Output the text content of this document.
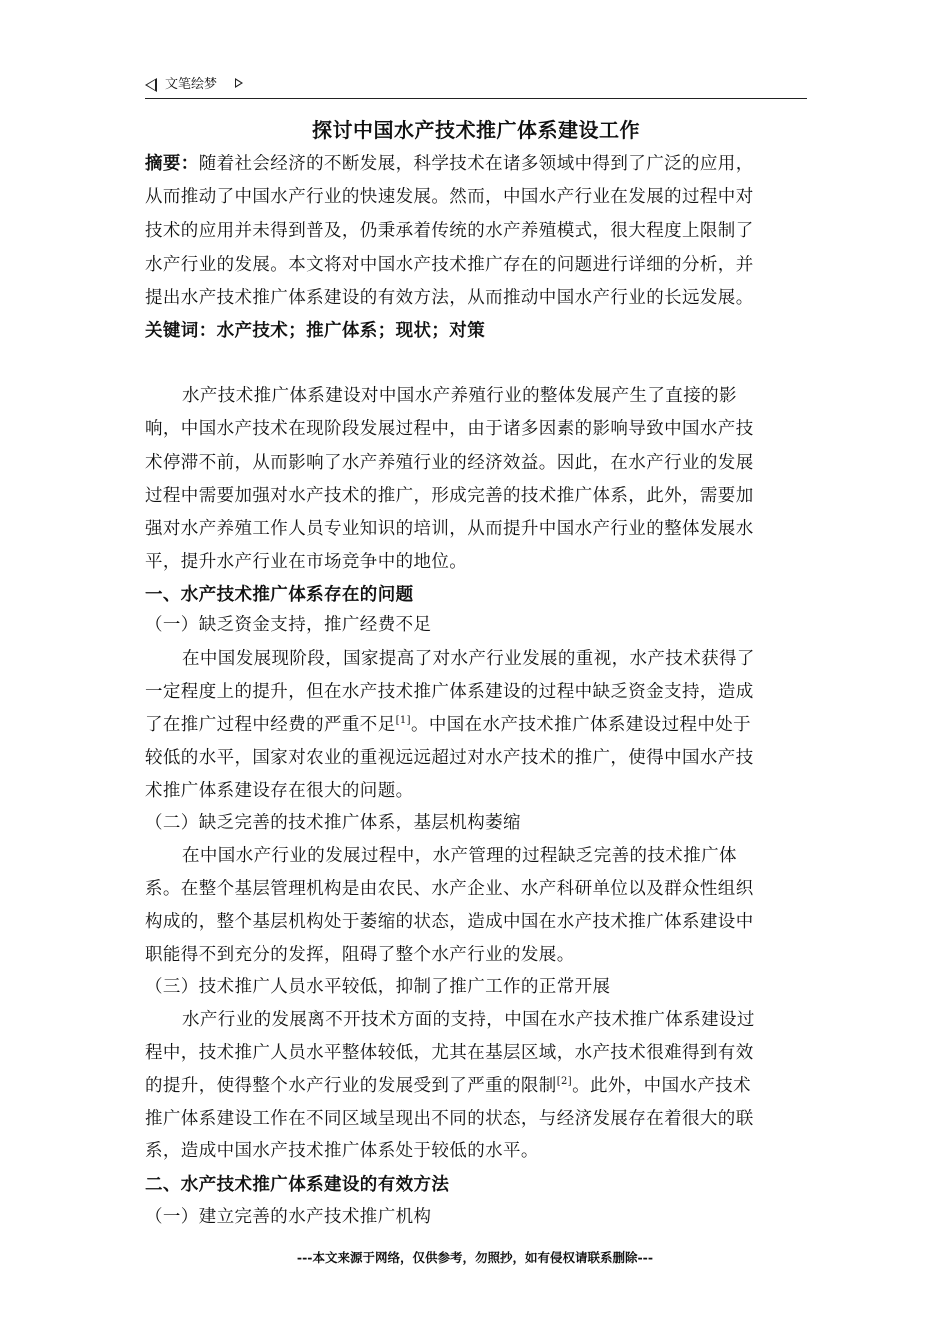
文笔绘梦
探讨中国水产技术推广体系建设工作
摘要：随着社会经济的不断发展，科学技术在诸多领域中得到了广泛的应用，
从而推动了中国水产行业的快速发展。然而，中国水产行业在发展的过程中对
技术的应用并未得到普及，仍秉承着传统的水产养殖模式，很大程度上限制了
水产行业的发展。本文将对中国水产技术推广存在的问题进行详细的分析，并
提出水产技术推广体系建设的有效方法，从而推动中国水产行业的长远发展。
关键词：水产技术；推广体系；现状；对策
水产技术推广体系建设对中国水产养殖行业的整体发展产生了直接的影
响，中国水产技术在现阶段发展过程中，由于诸多因素的影响导致中国水产技
术停滞不前，从而影响了水产养殖行业的经济效益。因此，在水产行业的发展
过程中需要加强对水产技术的推广，形成完善的技术推广体系，此外，需要加
强对水产养殖工作人员专业知识的培训，从而提升中国水产行业的整体发展水
平，提升水产行业在市场竞争中的地位。
一、水产技术推广体系存在的问题
（一）缺乏资金支持，推广经费不足
在中国发展现阶段，国家提高了对水产行业发展的重视，水产技术获得了
一定程度上的提升，但在水产技术推广体系建设的过程中缺乏资金支持，造成
了在推广过程中经费的严重不足[1]。中国在水产技术推广体系建设过程中处于
较低的水平，国家对农业的重视远远超过对水产技术的推广，使得中国水产技
术推广体系建设存在很大的问题。
（二）缺乏完善的技术推广体系，基层机构萎缩
在中国水产行业的发展过程中，水产管理的过程缺乏完善的技术推广体
系。在整个基层管理机构是由农民、水产企业、水产科研单位以及群众性组织
构成的，整个基层机构处于萎缩的状态，造成中国在水产技术推广体系建设中
职能得不到充分的发挥，阻碍了整个水产行业的发展。
（三）技术推广人员水平较低，抑制了推广工作的正常开展
水产行业的发展离不开技术方面的支持，中国在水产技术推广体系建设过
程中，技术推广人员水平整体较低，尤其在基层区域，水产技术很难得到有效
的提升，使得整个水产行业的发展受到了严重的限制[2]。此外，中国水产技术
推广体系建设工作在不同区域呈现出不同的状态，与经济发展存在着很大的联
系，造成中国水产技术推广体系处于较低的水平。
二、水产技术推广体系建设的有效方法
（一）建立完善的水产技术推广机构
---本文来源于网络，仅供参考，勿照抄，如有侵权请联系删除---
